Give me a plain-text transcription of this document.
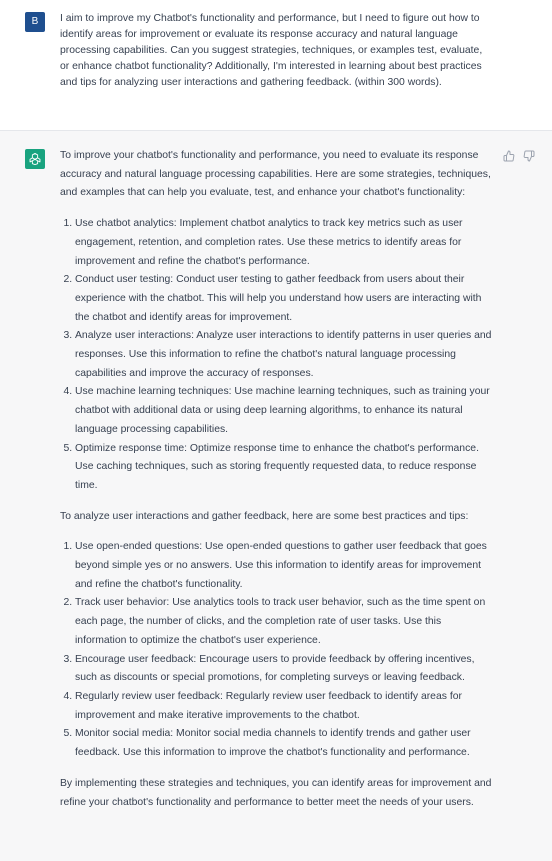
B	I aim to improve my Chatbot's functionality and performance, but I need to figure out how to identify areas for improvement or evaluate its response accuracy and natural language processing capabilities. Can you suggest strategies, techniques, or examples test, evaluate, or enhance chatbot functionality? Additionally, I'm interested in learning about best practices and tips for analyzing user interactions and gathering feedback. (within 300 words).

To improve your chatbot's functionality and performance, you need to evaluate its response accuracy and natural language processing capabilities. Here are some strategies, techniques, and examples that can help you evaluate, test, and enhance your chatbot's functionality:

1. Use chatbot analytics: Implement chatbot analytics to track key metrics such as user engagement, retention, and completion rates. Use these metrics to identify areas for improvement and refine the chatbot's performance.
2. Conduct user testing: Conduct user testing to gather feedback from users about their experience with the chatbot. This will help you understand how users are interacting with the chatbot and identify areas for improvement.
3. Analyze user interactions: Analyze user interactions to identify patterns in user queries and responses. Use this information to refine the chatbot's natural language processing capabilities and improve the accuracy of responses.
4. Use machine learning techniques: Use machine learning techniques, such as training your chatbot with additional data or using deep learning algorithms, to enhance its natural language processing capabilities.
5. Optimize response time: Optimize response time to enhance the chatbot's performance. Use caching techniques, such as storing frequently requested data, to reduce response time.

To analyze user interactions and gather feedback, here are some best practices and tips:

1. Use open-ended questions: Use open-ended questions to gather user feedback that goes beyond simple yes or no answers. Use this information to identify areas for improvement and refine the chatbot's functionality.
2. Track user behavior: Use analytics tools to track user behavior, such as the time spent on each page, the number of clicks, and the completion rate of user tasks. Use this information to optimize the chatbot's user experience.
3. Encourage user feedback: Encourage users to provide feedback by offering incentives, such as discounts or special promotions, for completing surveys or leaving feedback.
4. Regularly review user feedback: Regularly review user feedback to identify areas for improvement and make iterative improvements to the chatbot.
5. Monitor social media: Monitor social media channels to identify trends and gather user feedback. Use this information to improve the chatbot's functionality and performance.

By implementing these strategies and techniques, you can identify areas for improvement and refine your chatbot's functionality and performance to better meet the needs of your users.
